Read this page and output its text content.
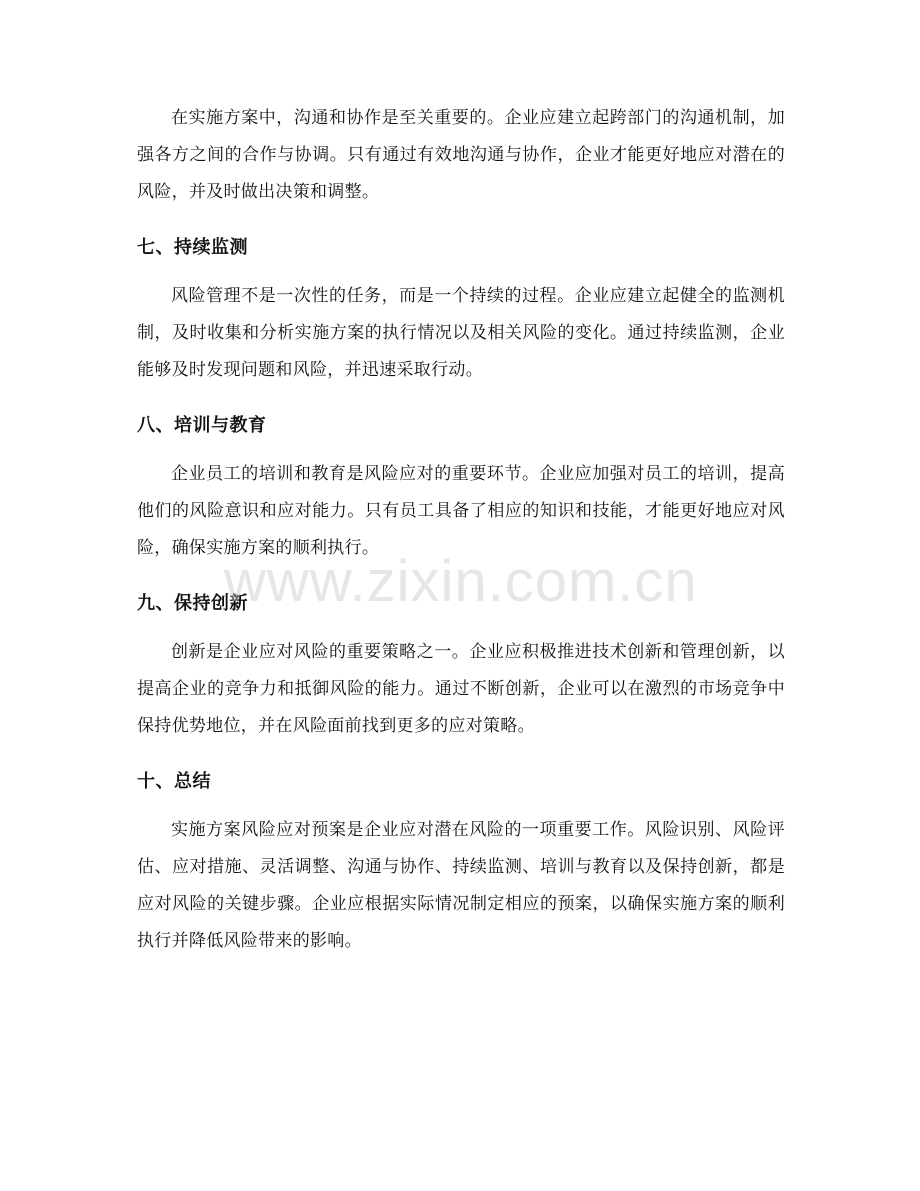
在实施方案中，沟通和协作是至关重要的。企业应建立起跨部门的沟通机制，加强各方之间的合作与协调。只有通过有效地沟通与协作，企业才能更好地应对潜在的风险，并及时做出决策和调整。

七、持续监测

风险管理不是一次性的任务，而是一个持续的过程。企业应建立起健全的监测机制，及时收集和分析实施方案的执行情况以及相关风险的变化。通过持续监测，企业能够及时发现问题和风险，并迅速采取行动。

八、培训与教育

企业员工的培训和教育是风险应对的重要环节。企业应加强对员工的培训，提高他们的风险意识和应对能力。只有员工具备了相应的知识和技能，才能更好地应对风险，确保实施方案的顺利执行。

九、保持创新

创新是企业应对风险的重要策略之一。企业应积极推进技术创新和管理创新，以提高企业的竞争力和抵御风险的能力。通过不断创新，企业可以在激烈的市场竞争中保持优势地位，并在风险面前找到更多的应对策略。

十、总结

实施方案风险应对预案是企业应对潜在风险的一项重要工作。风险识别、风险评估、应对措施、灵活调整、沟通与协作、持续监测、培训与教育以及保持创新，都是应对风险的关键步骤。企业应根据实际情况制定相应的预案，以确保实施方案的顺利执行并降低风险带来的影响。

www.zixin.com.cn
